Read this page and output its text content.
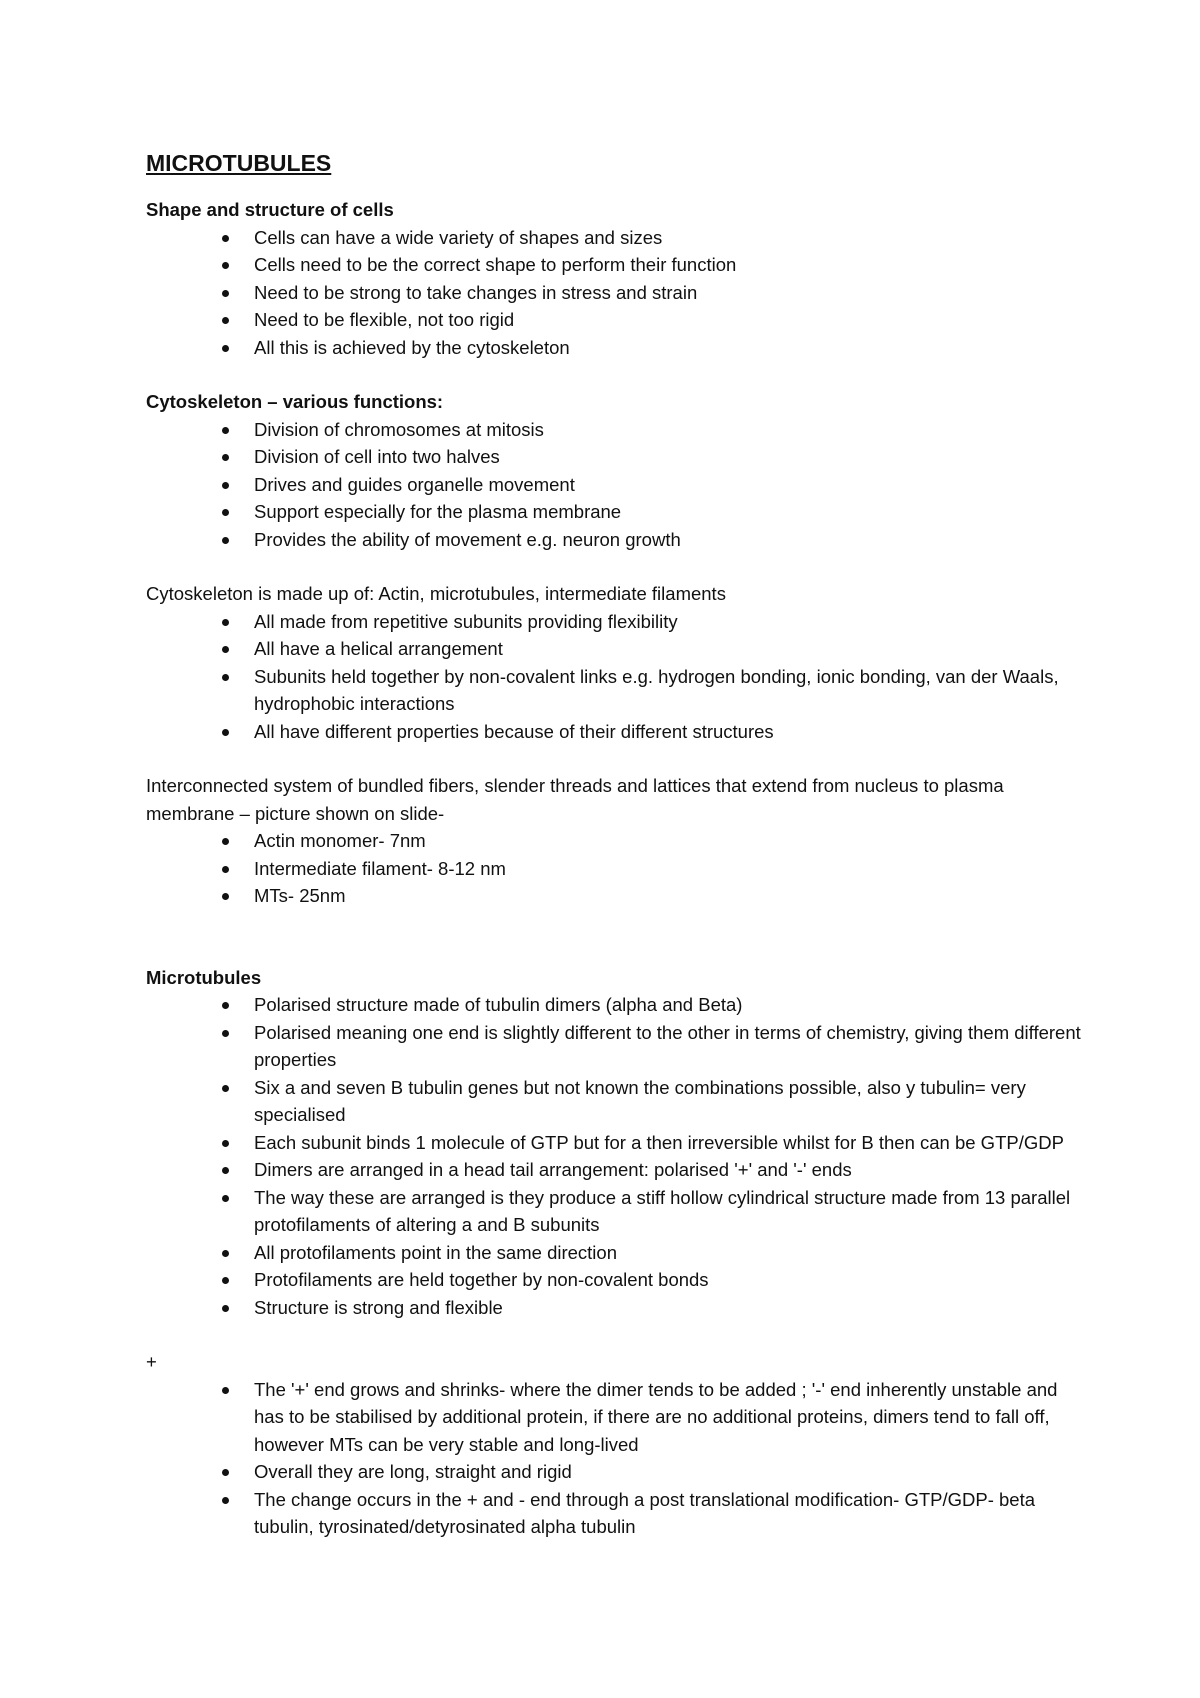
MICROTUBULES
Shape and structure of cells
Cells can have a wide variety of shapes and sizes
Cells need to be the correct shape to perform their function
Need to be strong to take changes in stress and strain
Need to be flexible, not too rigid
All this is achieved by the cytoskeleton
Cytoskeleton – various functions:
Division of chromosomes at mitosis
Division of cell into two halves
Drives and guides organelle movement
Support especially for the plasma membrane
Provides the ability of movement e.g. neuron growth
Cytoskeleton is made up of: Actin, microtubules, intermediate filaments
All made from repetitive subunits providing flexibility
All have a helical arrangement
Subunits held together by non-covalent links e.g. hydrogen bonding, ionic bonding, van der Waals, hydrophobic interactions
All have different properties because of their different structures
Interconnected system of bundled fibers, slender threads and lattices that extend from nucleus to plasma membrane – picture shown on slide-
Actin monomer- 7nm
Intermediate filament- 8-12 nm
MTs- 25nm
Microtubules
Polarised structure made of tubulin dimers (alpha and Beta)
Polarised meaning one end is slightly different to the other in terms of chemistry, giving them different properties
Six a and seven B tubulin genes but not known the combinations possible, also y tubulin= very specialised
Each subunit binds 1 molecule of GTP but for a then irreversible whilst for B then can be GTP/GDP
Dimers are arranged in a head tail arrangement: polarised '+' and '-' ends
The way these are arranged is they produce a stiff hollow cylindrical structure made from 13 parallel protofilaments of altering a and B subunits
All protofilaments point in the same direction
Protofilaments are held together by non-covalent bonds
Structure is strong and flexible
+
The '+' end grows and shrinks- where the dimer tends to be added ; '-' end inherently unstable and has to be stabilised by additional protein, if there are no additional proteins, dimers tend to fall off, however MTs can be very stable and long-lived
Overall they are long, straight and rigid
The change occurs in the + and - end through a post translational modification- GTP/GDP- beta tubulin, tyrosinated/detyrosinated alpha tubulin
